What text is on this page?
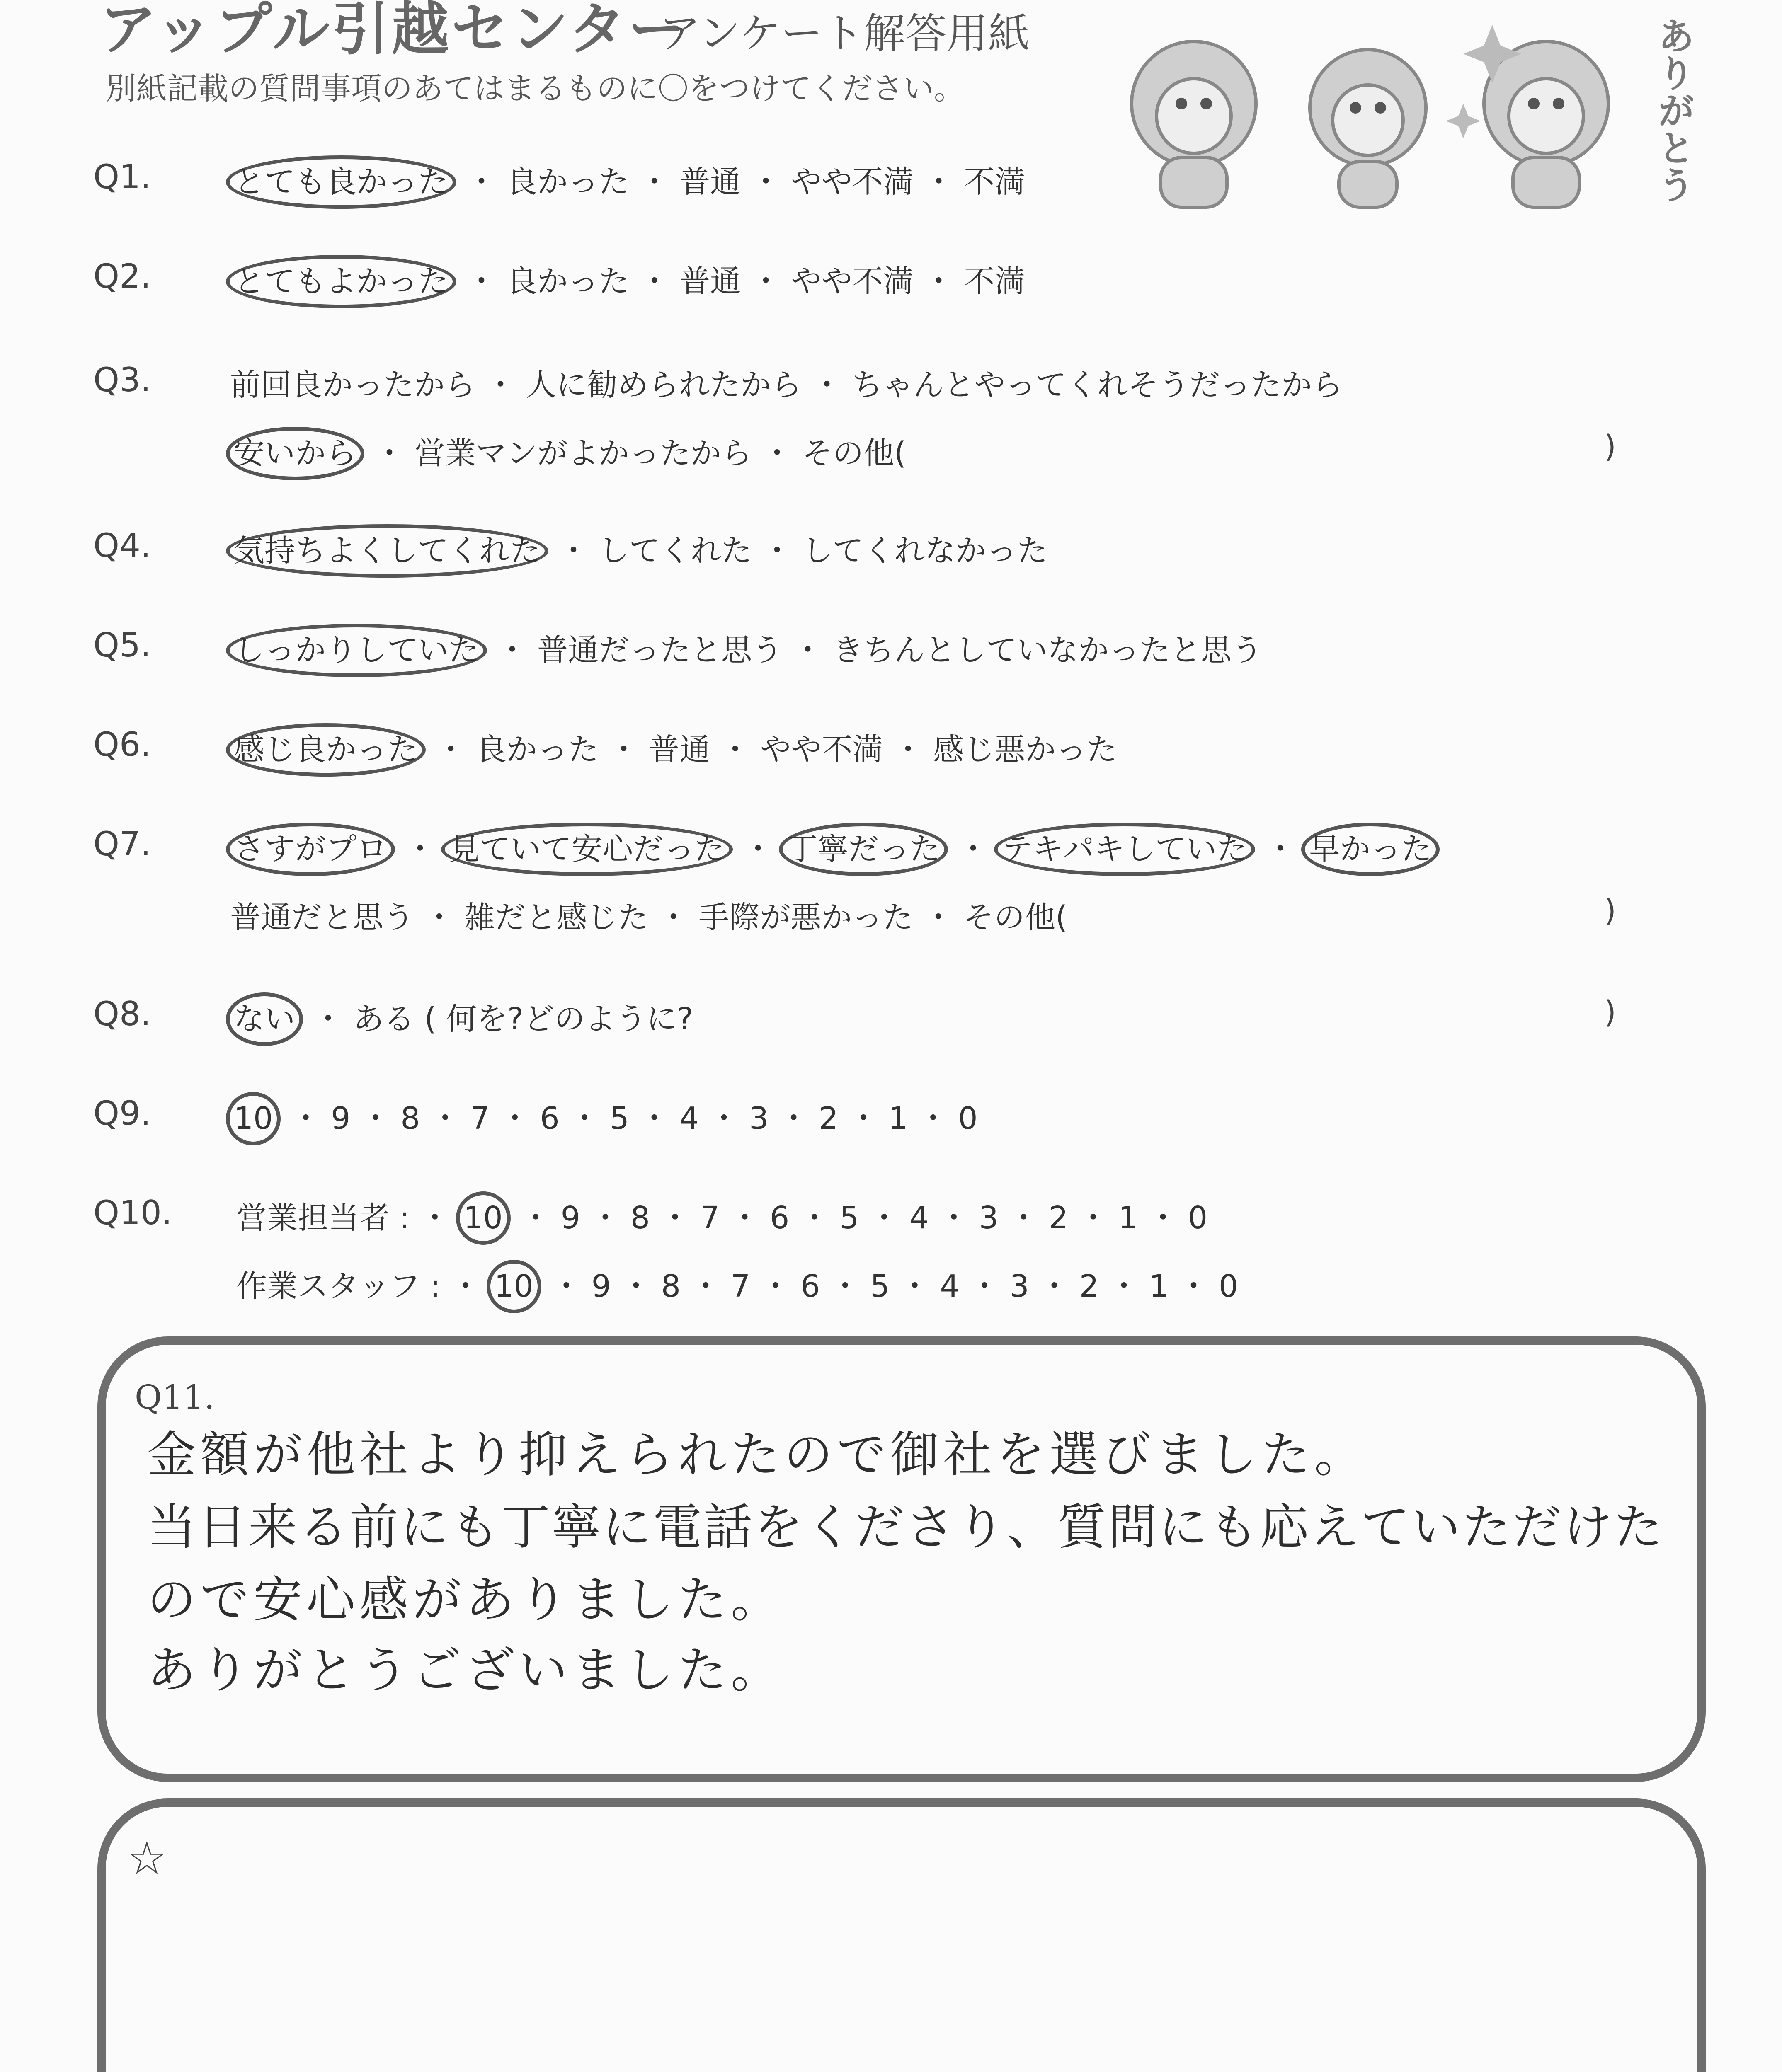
アップル引越センター
アンケート解答用紙
別紙記載の質問事項のあてはまるものに〇をつけてください。	ありがとう
Q1.	とても良かった ・ 良かった ・ 普通 ・ やや不満 ・ 不満
Q2.	とてもよかった ・ 良かった ・ 普通 ・ やや不満 ・ 不満
Q3.	前回良かったから ・ 人に勧められたから ・ ちゃんとやってくれそうだったから
安いから ・ 営業マンがよかったから ・ その他(	)
Q4.	気持ちよくしてくれた ・ してくれた ・ してくれなかった
Q5.	しっかりしていた ・ 普通だったと思う ・ きちんとしていなかったと思う
Q6.	感じ良かった ・ 良かった ・ 普通 ・ やや不満 ・ 感じ悪かった
Q7.	さすがプロ ・ 見ていて安心だった ・ 丁寧だった ・ テキパキしていた ・ 早かった
普通だと思う ・ 雑だと感じた ・ 手際が悪かった ・ その他(	)
Q8.	ない ・ ある ( 何を?どのように?	)
Q9.	10 ・ 9 ・ 8 ・ 7 ・ 6 ・ 5 ・ 4 ・ 3 ・ 2 ・ 1 ・ 0
Q10. 営業担当者 : ・ 10 ・ 9 ・ 8 ・ 7 ・ 6 ・ 5 ・ 4 ・ 3 ・ 2 ・ 1 ・ 0
作業スタッフ : ・ 10 ・ 9 ・ 8 ・ 7 ・ 6 ・ 5 ・ 4 ・ 3 ・ 2 ・ 1 ・ 0
Q11.
金額が他社より抑えられたので御社を選びました。
当日来る前にも丁寧に電話をくださり、質問にも応えていただけた
ので安心感がありました。
ありがとうございました。
☆
